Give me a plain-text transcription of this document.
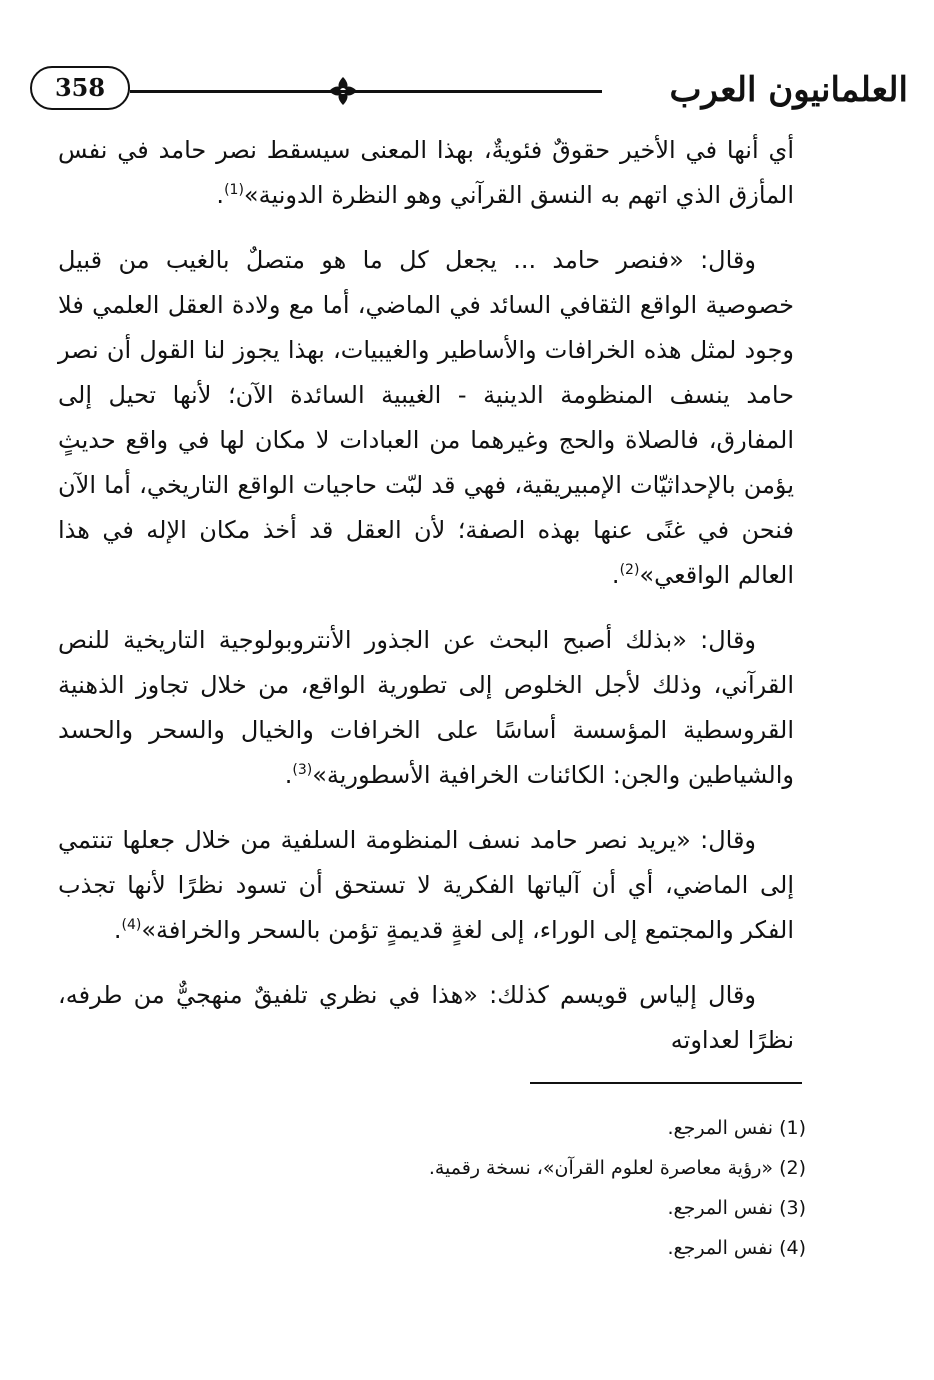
العلمانيون العرب
358

أي أنها في الأخير حقوقٌ فئويةٌ، بهذا المعنى سيسقط نصر حامد في نفس المأزق الذي اتهم به النسق القرآني وهو النظرة الدونية»$^{(1)}$.

وقال: «فنصر حامد ... يجعل كل ما هو متصلٌ بالغيب من قبيل خصوصية الواقع الثقافي السائد في الماضي، أما مع ولادة العقل العلمي فلا وجود لمثل هذه الخرافات والأساطير والغيبيات، بهذا يجوز لنا القول أن نصر حامد ينسف المنظومة الدينية - الغيبية السائدة الآن؛ لأنها تحيل إلى المفارق، فالصلاة والحج وغيرهما من العبادات لا مكان لها في واقع حديثٍ يؤمن بالإحداثيّات الإمبيريقية، فهي قد لبّت حاجيات الواقع التاريخي، أما الآن فنحن في غنًى عنها بهذه الصفة؛ لأن العقل قد أخذ مكان الإله في هذا العالم الواقعي»$^{(2)}$.

وقال: «بذلك أصبح البحث عن الجذور الأنتروبولوجية التاريخية للنص القرآني، وذلك لأجل الخلوص إلى تطورية الواقع، من خلال تجاوز الذهنية القروسطية المؤسسة أساسًا على الخرافات والخيال والسحر والحسد والشياطين والجن: الكائنات الخرافية الأسطورية»$^{(3)}$.

وقال: «يريد نصر حامد نسف المنظومة السلفية من خلال جعلها تنتمي إلى الماضي، أي أن آلياتها الفكرية لا تستحق أن تسود نظرًا لأنها تجذب الفكر والمجتمع إلى الوراء، إلى لغةٍ قديمةٍ تؤمن بالسحر والخرافة»$^{(4)}$.

وقال إلياس قويسم كذلك: «هذا في نظري تلفيقٌ منهجيٌّ من طرفه، نظرًا لعداوته

(1) نفس المرجع.

(2) «رؤية معاصرة لعلوم القرآن»، نسخة رقمية.

(3) نفس المرجع.

(4) نفس المرجع.
